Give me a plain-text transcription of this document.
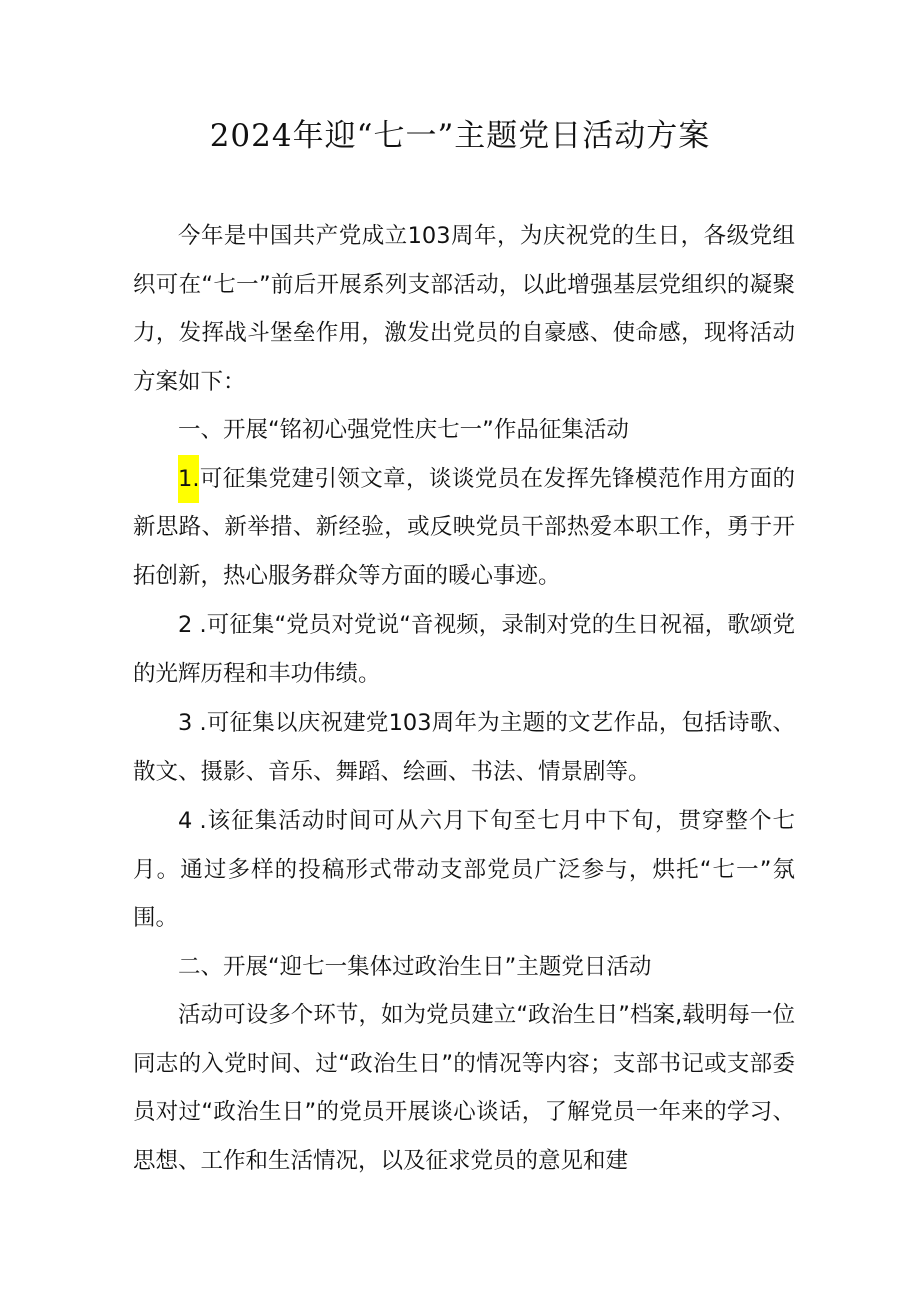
2024年迎“七一”主题党日活动方案

今年是中国共产党成立103周年，为庆祝党的生日，各级党组织可在“七一”前后开展系列支部活动，以此增强基层党组织的凝聚力，发挥战斗堡垒作用，激发出党员的自豪感、使命感，现将活动方案如下：

一、开展“铭初心强党性庆七一”作品征集活动

1.可征集党建引领文章，谈谈党员在发挥先锋模范作用方面的新思路、新举措、新经验，或反映党员干部热爱本职工作，勇于开拓创新，热心服务群众等方面的暖心事迹。

2 .可征集“党员对党说“音视频，录制对党的生日祝福，歌颂党的光辉历程和丰功伟绩。

3 .可征集以庆祝建党103周年为主题的文艺作品，包括诗歌、散文、摄影、音乐、舞蹈、绘画、书法、情景剧等。

4 .该征集活动时间可从六月下旬至七月中下旬，贯穿整个七月。通过多样的投稿形式带动支部党员广泛参与，烘托“七一”氛围。

二、开展“迎七一集体过政治生日”主题党日活动

活动可设多个环节，如为党员建立“政治生日”档案,载明每一位同志的入党时间、过“政治生日”的情况等内容；支部书记或支部委员对过“政治生日”的党员开展谈心谈话，了解党员一年来的学习、思想、工作和生活情况，以及征求党员的意见和建
